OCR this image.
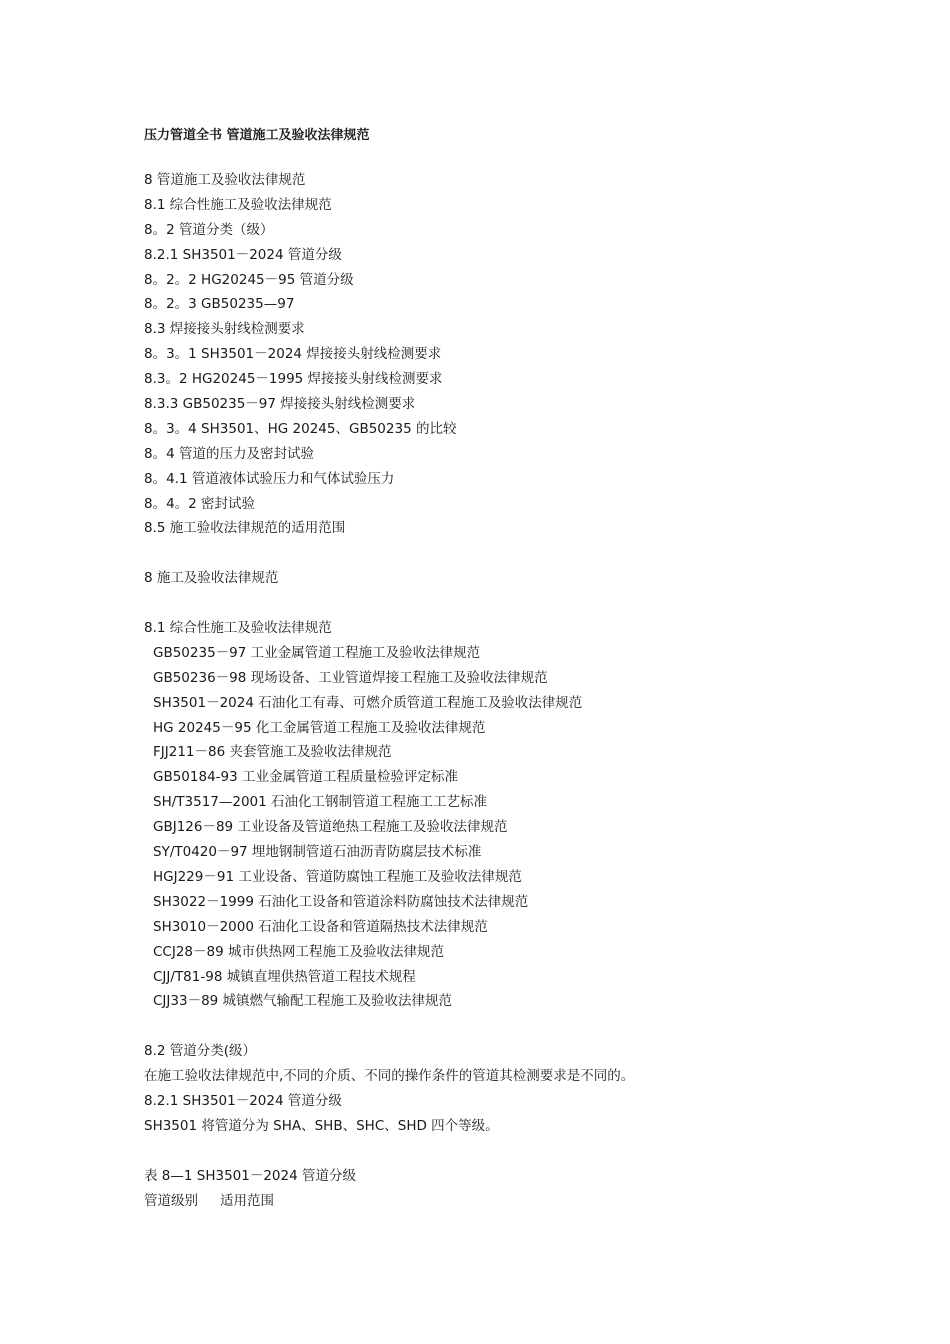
压力管道全书 管道施工及验收法律规范
8 管道施工及验收法律规范
8.1 综合性施工及验收法律规范
8。2 管道分类（级）
8.2.1 SH3501－2024 管道分级
8。2。2 HG20245－95 管道分级
8。2。3 GB50235—97
8.3 焊接接头射线检测要求
8。3。1 SH3501－2024 焊接接头射线检测要求
8.3。2 HG20245－1995 焊接接头射线检测要求
8.3.3 GB50235－97 焊接接头射线检测要求
8。3。4 SH3501、HG 20245、GB50235 的比较
8。4 管道的压力及密封试验
8。4.1 管道液体试验压力和气体试验压力
8。4。2 密封试验
8.5 施工验收法律规范的适用范围
8 施工及验收法律规范
8.1 综合性施工及验收法律规范
GB50235－97 工业金属管道工程施工及验收法律规范
GB50236－98 现场设备、工业管道焊接工程施工及验收法律规范
SH3501－2024 石油化工有毒、可燃介质管道工程施工及验收法律规范
HG 20245－95 化工金属管道工程施工及验收法律规范
FJJ211－86 夹套管施工及验收法律规范
GB50184-93 工业金属管道工程质量检验评定标准
SH/T3517—2001 石油化工钢制管道工程施工工艺标准
GBJ126－89 工业设备及管道绝热工程施工及验收法律规范
SY/T0420－97 埋地钢制管道石油沥青防腐层技术标准
HGJ229－91 工业设备、管道防腐蚀工程施工及验收法律规范
SH3022－1999 石油化工设备和管道涂料防腐蚀技术法律规范
SH3010－2000 石油化工设备和管道隔热技术法律规范
CCJ28－89 城市供热网工程施工及验收法律规范
CJJ/T81-98 城镇直埋供热管道工程技术规程
CJJ33－89 城镇燃气输配工程施工及验收法律规范
8.2 管道分类(级）
在施工验收法律规范中,不同的介质、不同的操作条件的管道其检测要求是不同的。
8.2.1 SH3501－2024 管道分级
SH3501 将管道分为 SHA、SHB、SHC、SHD 四个等级。
表 8—1 SH3501－2024 管道分级
管道级别 适用范围
